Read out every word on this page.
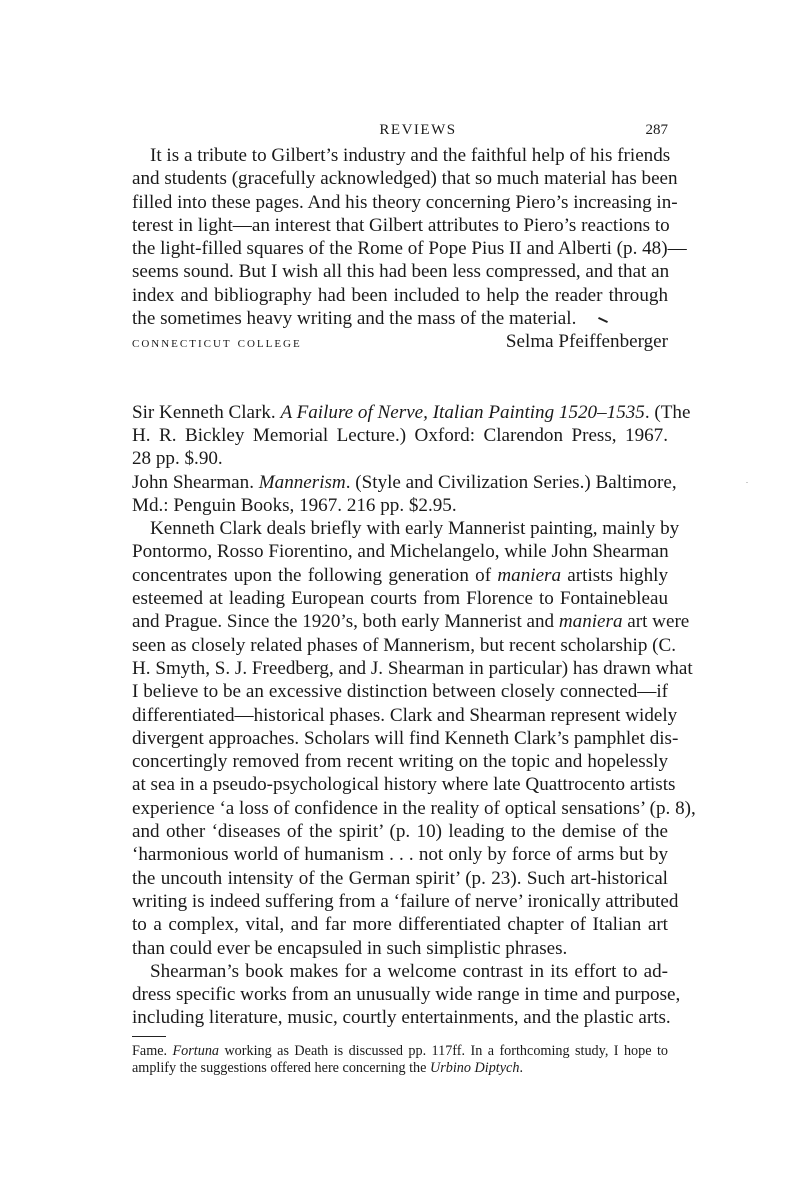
REVIEWS	287
It is a tribute to Gilbert’s industry and the faithful help of his friends
and students (gracefully acknowledged) that so much material has been
filled into these pages. And his theory concerning Piero’s increasing in-
terest in light—an interest that Gilbert attributes to Piero’s reactions to
the light-filled squares of the Rome of Pope Pius II and Alberti (p. 48)—
seems sound. But I wish all this had been less compressed, and that an
index and bibliography had been included to help the reader through
the sometimes heavy writing and the mass of the material.
connecticut college	Selma Pfeiffenberger
Sir Kenneth Clark. A Failure of Nerve, Italian Painting 1520–1535. (The
H. R. Bickley Memorial Lecture.) Oxford: Clarendon Press, 1967.
28 pp. $.90.
John Shearman. Mannerism. (Style and Civilization Series.) Baltimore,
Md.: Penguin Books, 1967. 216 pp. $2.95.
Kenneth Clark deals briefly with early Mannerist painting, mainly by
Pontormo, Rosso Fiorentino, and Michelangelo, while John Shearman
concentrates upon the following generation of maniera artists highly
esteemed at leading European courts from Florence to Fontainebleau
and Prague. Since the 1920’s, both early Mannerist and maniera art were
seen as closely related phases of Mannerism, but recent scholarship (C.
H. Smyth, S. J. Freedberg, and J. Shearman in particular) has drawn what
I believe to be an excessive distinction between closely connected—if
differentiated—historical phases. Clark and Shearman represent widely
divergent approaches. Scholars will find Kenneth Clark’s pamphlet dis-
concertingly removed from recent writing on the topic and hopelessly
at sea in a pseudo-psychological history where late Quattrocento artists
experience ‘a loss of confidence in the reality of optical sensations’ (p. 8),
and other ‘diseases of the spirit’ (p. 10) leading to the demise of the
‘harmonious world of humanism . . . not only by force of arms but by
the uncouth intensity of the German spirit’ (p. 23). Such art-historical
writing is indeed suffering from a ‘failure of nerve’ ironically attributed
to a complex, vital, and far more differentiated chapter of Italian art
than could ever be encapsuled in such simplistic phrases.
Shearman’s book makes for a welcome contrast in its effort to ad-
dress specific works from an unusually wide range in time and purpose,
including literature, music, courtly entertainments, and the plastic arts.
Fame. Fortuna working as Death is discussed pp. 117ff. In a forthcoming study, I hope to
amplify the suggestions offered here concerning the Urbino Diptych.
